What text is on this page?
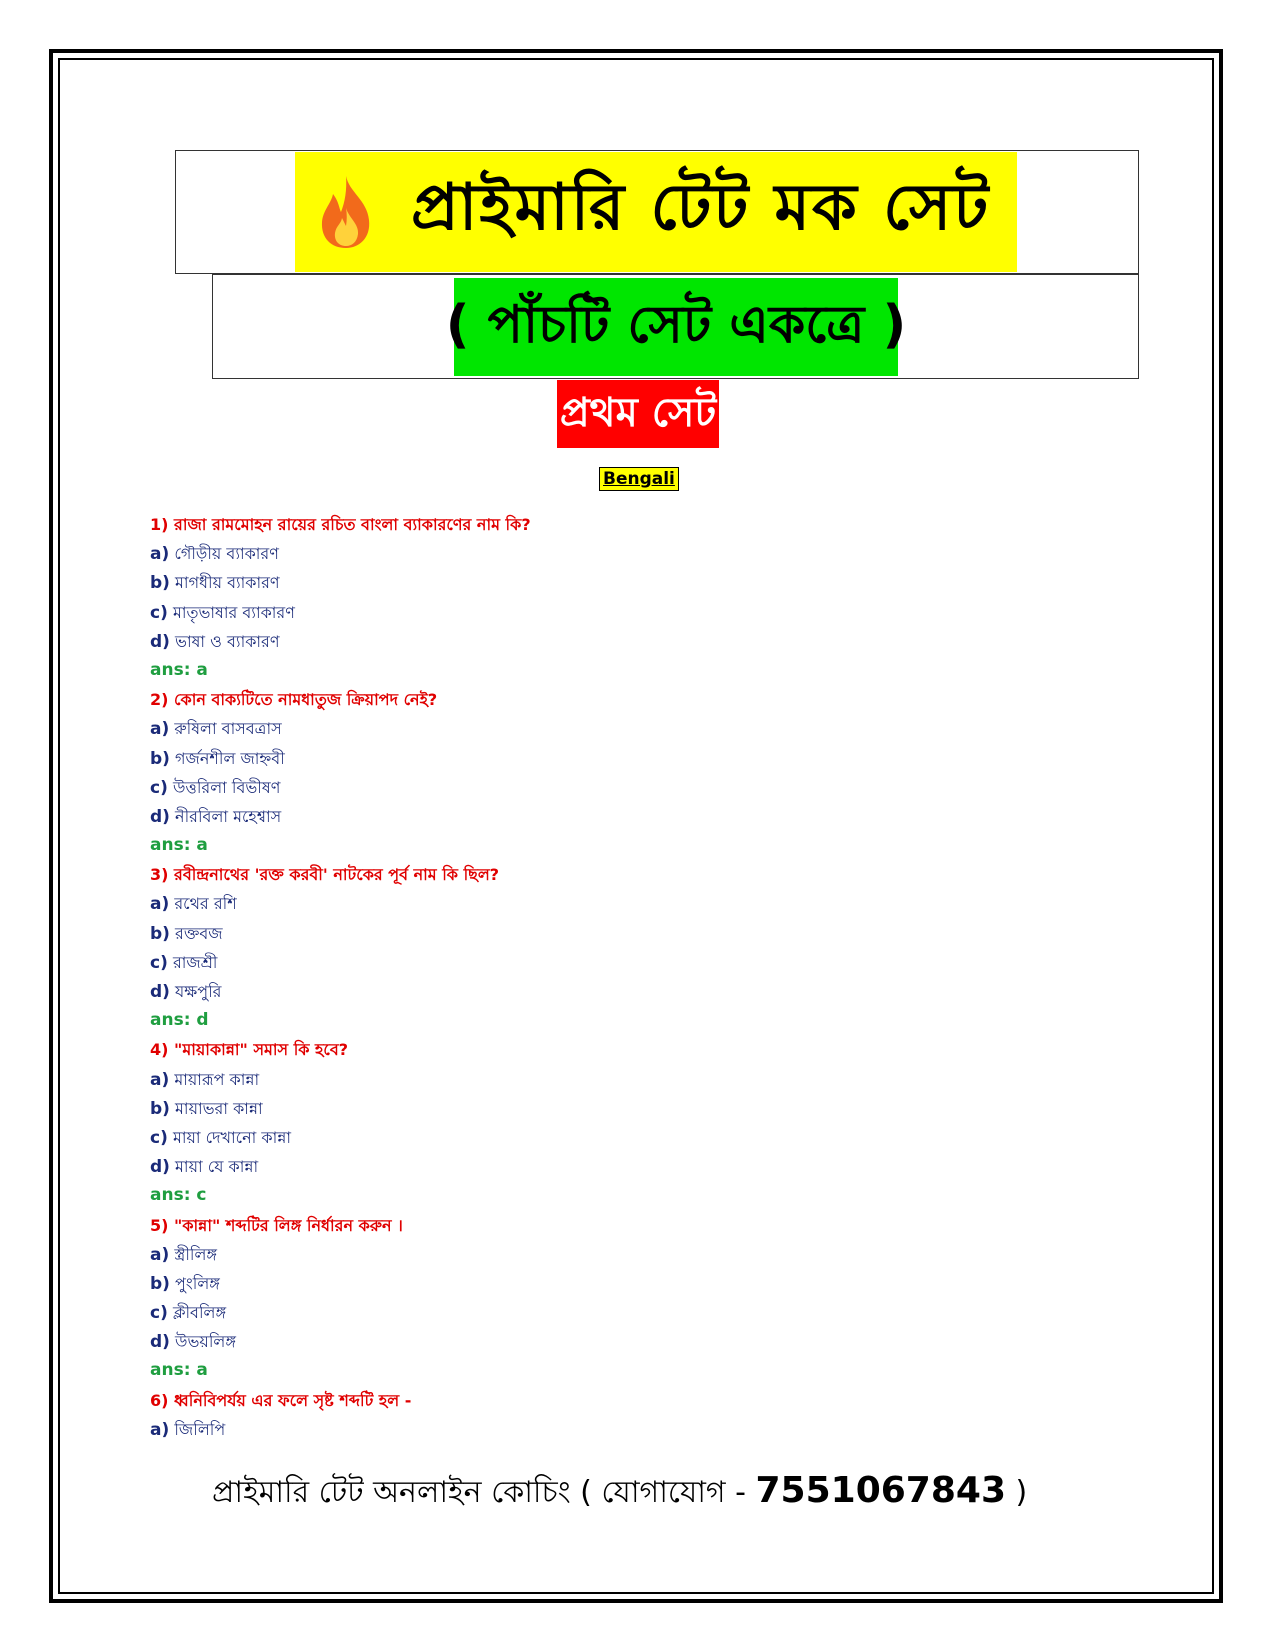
প্রাইমারি টেট মক সেট
( পাঁচটি সেট একত্রে )
প্রথম সেট
Bengali
1) রাজা রামমোহন রায়ের রচিত বাংলা ব্যাকারণের নাম কি?
a) গৌড়ীয় ব্যাকারণ
b) মাগধীয় ব্যাকারণ
c) মাতৃভাষার ব্যাকারণ
d) ভাষা ও ব্যাকারণ
ans: a
2) কোন বাক্যটিতে নামধাতুজ ক্রিয়াপদ নেই?
a) রুষিলা বাসবত্রাস
b) গর্জনশীল জাহ্নবী
c) উত্তরিলা বিভীষণ
d) নীরবিলা মহেশ্বাস
ans: a
3) রবীন্দ্রনাথের 'রক্ত করবী' নাটকের পূর্ব নাম কি ছিল?
a) রথের রশি
b) রক্তবজ
c) রাজশ্রী
d) যক্ষপুরি
ans: d
4) "মায়াকান্না" সমাস কি হবে?
a) মায়ারূপ কান্না
b) মায়াভরা কান্না
c) মায়া দেখানো কান্না
d) মায়া যে কান্না
ans: c
5) "কান্না" শব্দটির লিঙ্গ নির্ধারন করুন ।
a) স্ত্রীলিঙ্গ
b) পুংলিঙ্গ
c) ক্লীবলিঙ্গ
d) উভয়লিঙ্গ
ans: a
6) ধ্বনিবিপর্যয় এর ফলে সৃষ্ট শব্দটি হল -
a) জিলিপি
প্রাইমারি টেট অনলাইন কোচিং ( যোগাযোগ - 7551067843 )
